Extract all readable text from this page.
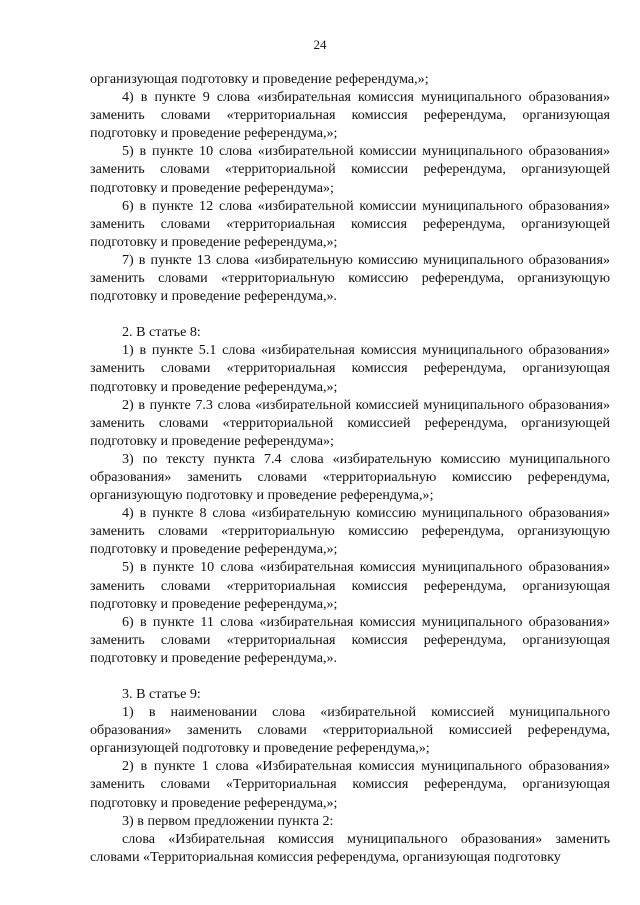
24

организующая подготовку и проведение референдума,»;

4) в пункте 9 слова «избирательная комиссия муниципального образования» заменить словами «территориальная комиссия референдума, организующая подготовку и проведение референдума,»;

5) в пункте 10 слова «избирательной комиссии муниципального образования» заменить словами «территориальной комиссии референдума, организующей подготовку и проведение референдума»;

6) в пункте 12 слова «избирательной комиссии муниципального образования» заменить словами «территориальная комиссия референдума, организующей подготовку и проведение референдума,»;

7) в пункте 13 слова «избирательную комиссию муниципального образования» заменить словами «территориальную комиссию референдума, организующую подготовку и проведение референдума,».

2. В статье 8:

1) в пункте 5.1 слова «избирательная комиссия муниципального образования» заменить словами «территориальная комиссия референдума, организующая подготовку и проведение референдума,»;

2) в пункте 7.3 слова «избирательной комиссией муниципального образования» заменить словами «территориальной комиссией референдума, организующей подготовку и проведение референдума»;

3) по тексту пункта 7.4 слова «избирательную комиссию муниципального образования» заменить словами «территориальную комиссию референдума, организующую подготовку и проведение референдума,»;

4) в пункте 8 слова «избирательную комиссию муниципального образования» заменить словами «территориальную комиссию референдума, организующую подготовку и проведение референдума,»;

5) в пункте 10 слова «избирательная комиссия муниципального образования» заменить словами «территориальная комиссия референдума, организующая подготовку и проведение референдума,»;

6) в пункте 11 слова «избирательная комиссия муниципального образования» заменить словами «территориальная комиссия референдума, организующая подготовку и проведение референдума,».

3. В статье 9:

1) в наименовании слова «избирательной комиссией муниципального образования» заменить словами «территориальной комиссией референдума, организующей подготовку и проведение референдума,»;

2) в пункте 1 слова «Избирательная комиссия муниципального образования» заменить словами «Территориальная комиссия референдума, организующая подготовку и проведение референдума,»;

3) в первом предложении пункта 2:

слова «Избирательная комиссия муниципального образования» заменить словами «Территориальная комиссия референдума, организующая подготовку
